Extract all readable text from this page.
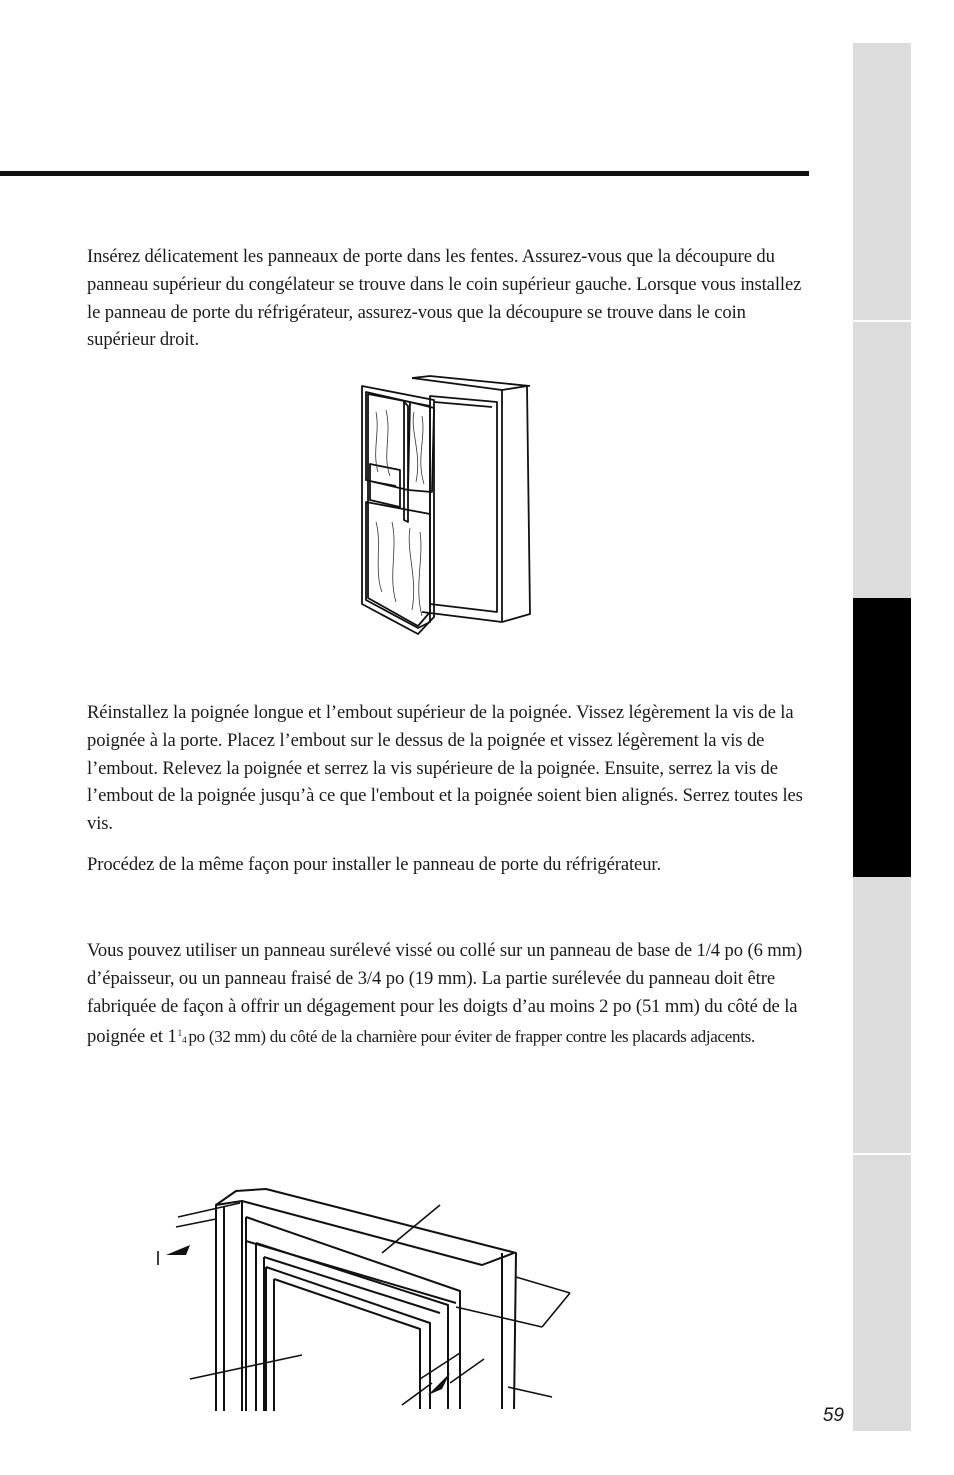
Insérez délicatement les panneaux de porte dans les fentes. Assurez-vous que la découpure du panneau supérieur du congélateur se trouve dans le coin supérieur gauche. Lorsque vous installez le panneau de porte du réfrigérateur, assurez-vous que la découpure se trouve dans le coin supérieur droit.

Réinstallez la poignée longue et l’embout supérieur de la poignée. Vissez légèrement la vis de la poignée à la porte. Placez l’embout sur le dessus de la poignée et vissez légèrement la vis de l’embout. Relevez la poignée et serrez la vis supérieure de la poignée. Ensuite, serrez la vis de l’embout de la poignée jusqu’à ce que l'embout et la poignée soient bien alignés. Serrez toutes les vis.

Procédez de la même façon pour installer le panneau de porte du réfrigérateur.

Vous pouvez utiliser un panneau surélevé vissé ou collé sur un panneau de base de 1/4 po (6 mm) d’épaisseur, ou un panneau fraisé de 3/4 po (19 mm). La partie surélevée du panneau doit être fabriquée de façon à offrir un dégagement pour les doigts d’au moins 2 po (51 mm) du côté de la poignée et $1^14$ po (32 mm) du côté de la charnière pour éviter de frapper contre les placards adjacents.

59
